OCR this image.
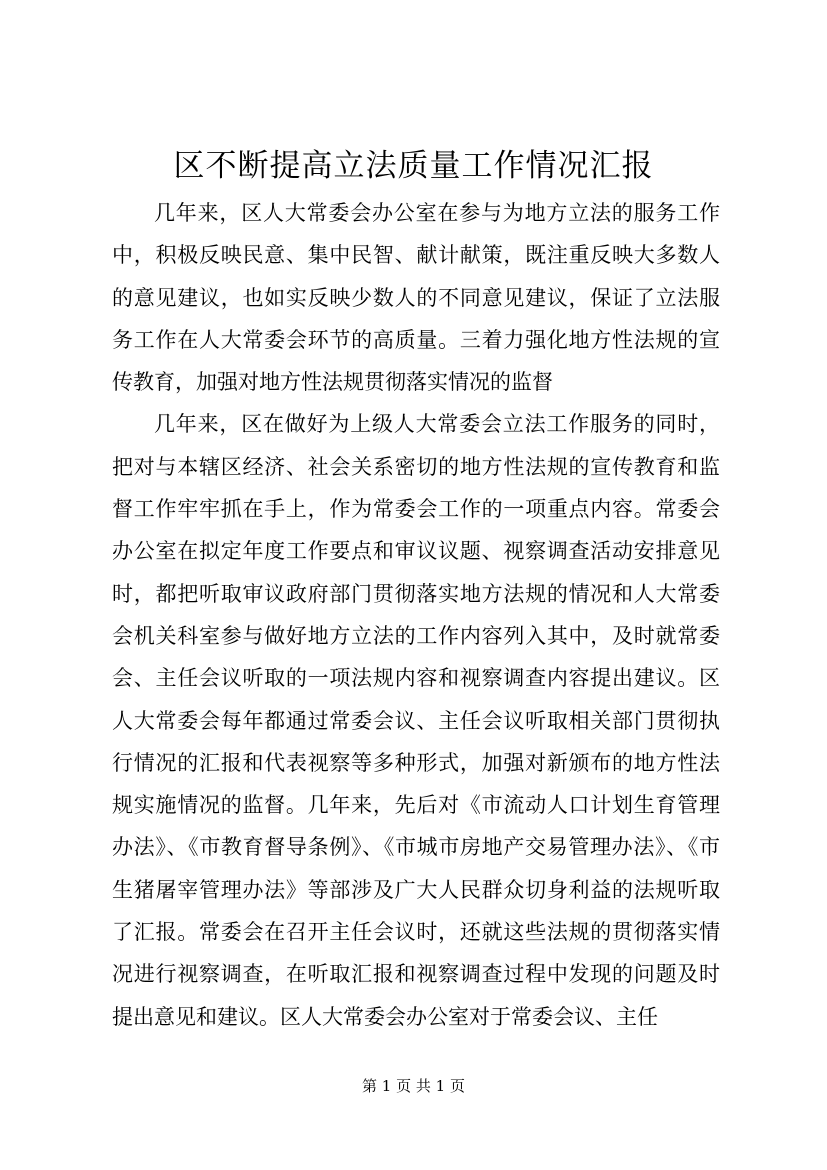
区不断提高立法质量工作情况汇报

几年来，区人大常委会办公室在参与为地方立法的服务工作中，积极反映民意、集中民智、献计献策，既注重反映大多数人的意见建议，也如实反映少数人的不同意见建议，保证了立法服务工作在人大常委会环节的高质量。三着力强化地方性法规的宣传教育，加强对地方性法规贯彻落实情况的监督

几年来，区在做好为上级人大常委会立法工作服务的同时，把对与本辖区经济、社会关系密切的地方性法规的宣传教育和监督工作牢牢抓在手上，作为常委会工作的一项重点内容。常委会办公室在拟定年度工作要点和审议议题、视察调查活动安排意见时，都把听取审议政府部门贯彻落实地方法规的情况和人大常委会机关科室参与做好地方立法的工作内容列入其中，及时就常委会、主任会议听取的一项法规内容和视察调查内容提出建议。区人大常委会每年都通过常委会议、主任会议听取相关部门贯彻执行情况的汇报和代表视察等多种形式，加强对新颁布的地方性法规实施情况的监督。几年来，先后对《市流动人口计划生育管理办法》、《市教育督导条例》、《市城市房地产交易管理办法》、《市生猪屠宰管理办法》等部涉及广大人民群众切身利益的法规听取了汇报。常委会在召开主任会议时，还就这些法规的贯彻落实情况进行视察调查，在听取汇报和视察调查过程中发现的问题及时提出意见和建议。区人大常委会办公室对于常委会议、主任

第 1 页 共 1 页
